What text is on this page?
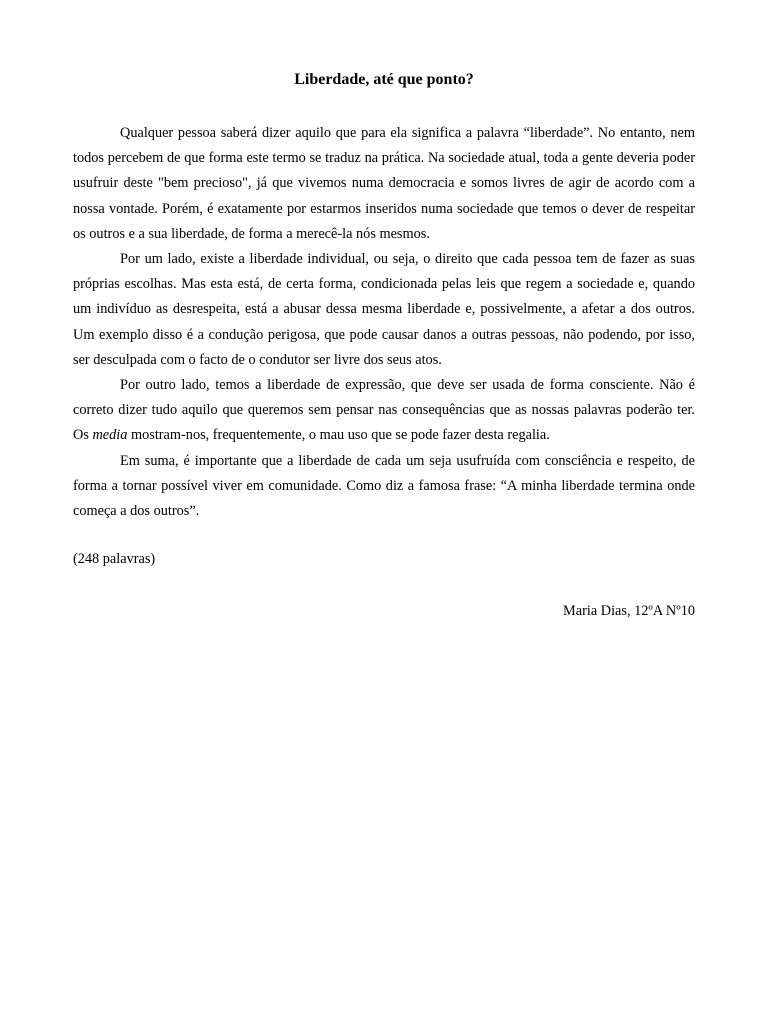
Liberdade, até que ponto?

Qualquer pessoa saberá dizer aquilo que para ela significa a palavra “liberdade”. No entanto, nem todos percebem de que forma este termo se traduz na prática. Na sociedade atual, toda a gente deveria poder usufruir deste "bem precioso", já que vivemos numa democracia e somos livres de agir de acordo com a nossa vontade. Porém, é exatamente por estarmos inseridos numa sociedade que temos o dever de respeitar os outros e a sua liberdade, de forma a merecê-la nós mesmos.

Por um lado, existe a liberdade individual, ou seja, o direito que cada pessoa tem de fazer as suas próprias escolhas. Mas esta está, de certa forma, condicionada pelas leis que regem a sociedade e, quando um indivíduo as desrespeita, está a abusar dessa mesma liberdade e, possivelmente, a afetar a dos outros. Um exemplo disso é a condução perigosa, que pode causar danos a outras pessoas, não podendo, por isso, ser desculpada com o facto de o condutor ser livre dos seus atos.

Por outro lado, temos a liberdade de expressão, que deve ser usada de forma consciente. Não é correto dizer tudo aquilo que queremos sem pensar nas consequências que as nossas palavras poderão ter. Os media mostram-nos, frequentemente, o mau uso que se pode fazer desta regalia.

Em suma, é importante que a liberdade de cada um seja usufruída com consciência e respeito, de forma a tornar possível viver em comunidade. Como diz a famosa frase: “A minha liberdade termina onde começa a dos outros”.

(248 palavras)

Maria Dias, 12ºA Nº10
